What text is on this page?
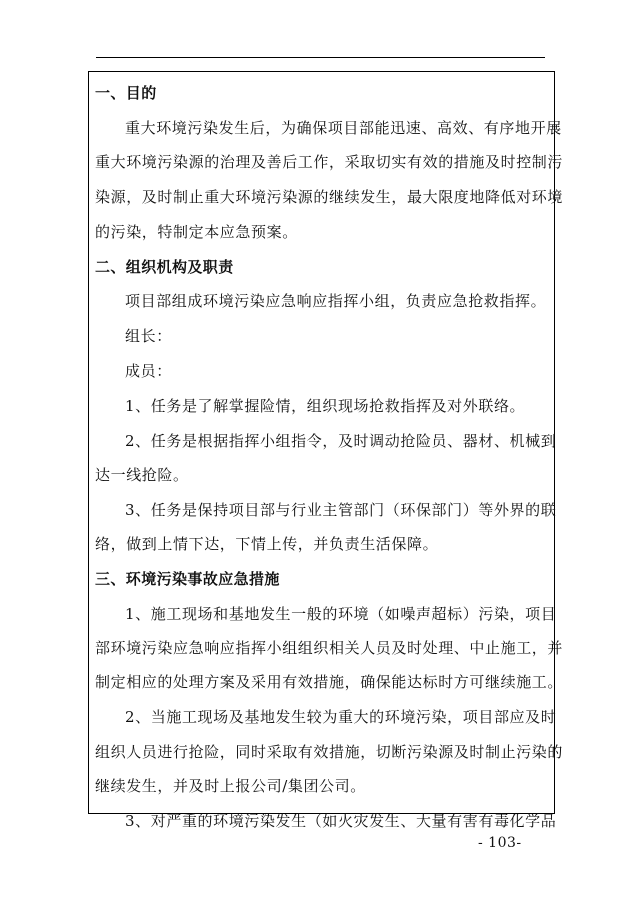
一、目的
重大环境污染发生后，为确保项目部能迅速、高效、有序地开展
重大环境污染源的治理及善后工作，采取切实有效的措施及时控制污
染源，及时制止重大环境污染源的继续发生，最大限度地降低对环境
的污染，特制定本应急预案。
二、组织机构及职责
项目部组成环境污染应急响应指挥小组，负责应急抢救指挥。
组长：
成员：
1、任务是了解掌握险情，组织现场抢救指挥及对外联络。
2、任务是根据指挥小组指令，及时调动抢险员、器材、机械到
达一线抢险。
3、任务是保持项目部与行业主管部门（环保部门）等外界的联
络，做到上情下达，下情上传，并负责生活保障。
三、环境污染事故应急措施
1、施工现场和基地发生一般的环境（如噪声超标）污染，项目
部环境污染应急响应指挥小组组织相关人员及时处理、中止施工，并
制定相应的处理方案及采用有效措施，确保能达标时方可继续施工。
2、当施工现场及基地发生较为重大的环境污染，项目部应及时
组织人员进行抢险，同时采取有效措施，切断污染源及时制止污染的
继续发生，并及时上报公司/集团公司。
3、对严重的环境污染发生（如火灾发生、大量有害有毒化学品
- 103-
